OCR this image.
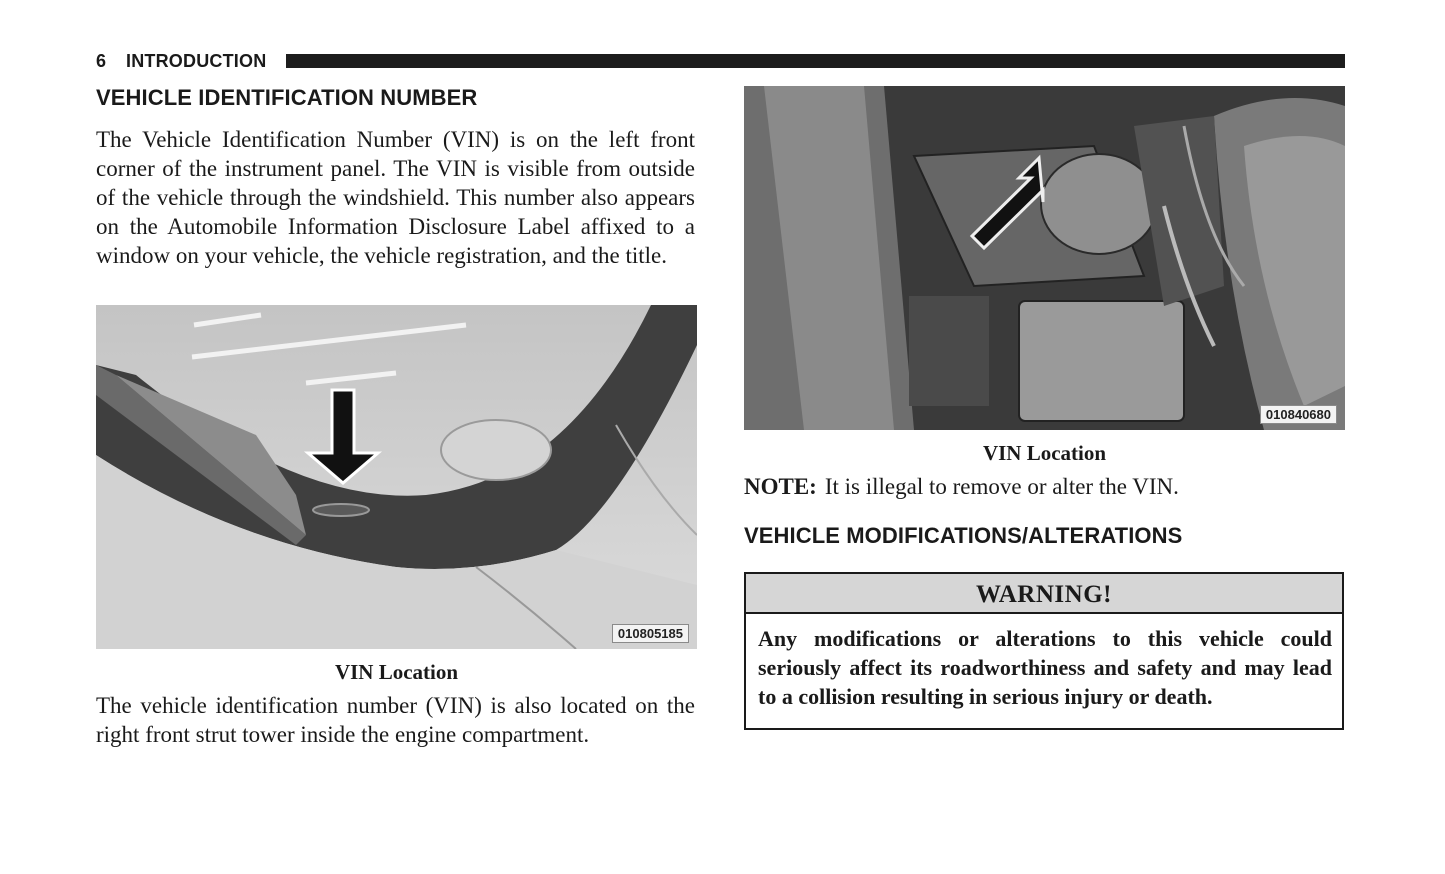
6 INTRODUCTION
VEHICLE IDENTIFICATION NUMBER

The Vehicle Identification Number (VIN) is on the left front corner of the instrument panel. The VIN is visible from outside of the vehicle through the windshield. This number also appears on the Automobile Information Disclosure Label affixed to a window on your vehicle, the vehicle registration, and the title.

010805185

VIN Location

The vehicle identification number (VIN) is also located on the right front strut tower inside the engine compartment.

010840680

VIN Location

NOTE: It is illegal to remove or alter the VIN.

VEHICLE MODIFICATIONS/ALTERATIONS
WARNING!

Any modifications or alterations to this vehicle could seriously affect its roadworthiness and safety and may lead to a collision resulting in serious injury or death.
